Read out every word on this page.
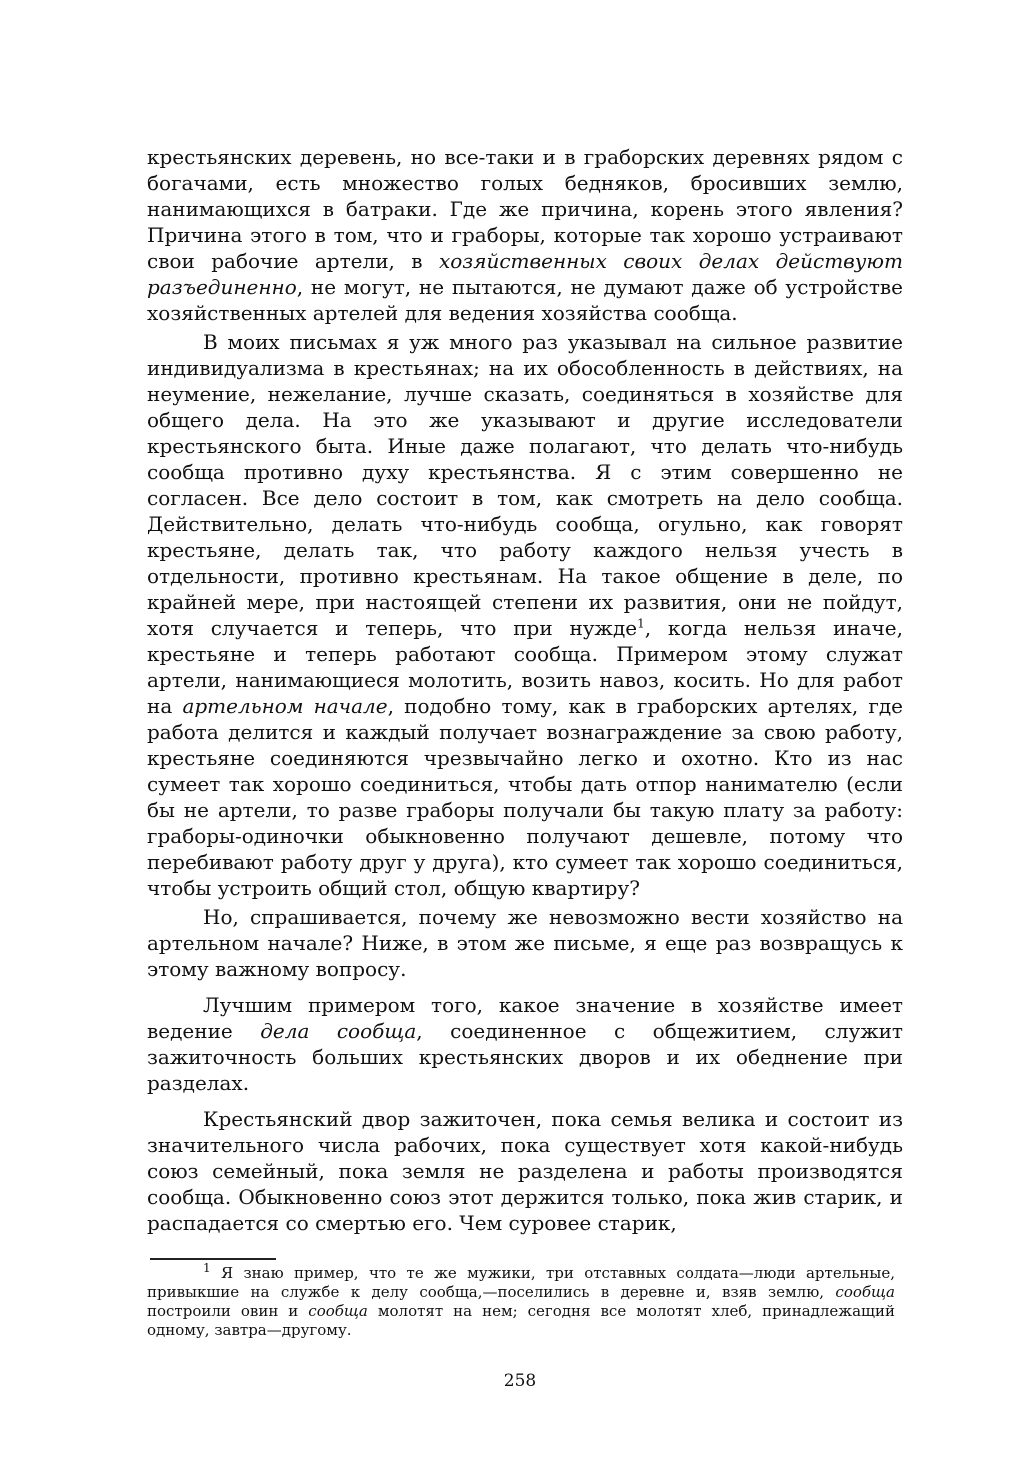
крестьянских деревень, но все-таки и в граборских деревнях рядом с богачами, есть множество голых бедняков, бросивших землю, нанимающихся в батраки. Где же причина, корень этого явления? Причина этого в том, что и граборы, которые так хорошо устраивают свои рабочие артели, в хозяйственных своих делах действуют разъединенно, не могут, не пытаются, не думают даже об устройстве хозяйственных артелей для ведения хозяйства сообща.

В моих письмах я уж много раз указывал на сильное развитие индивидуализма в крестьянах; на их обособленность в действиях, на неумение, нежелание, лучше сказать, соединяться в хозяйстве для общего дела. На это же указывают и другие исследователи крестьянского быта. Иные даже полагают, что делать что-нибудь сообща противно духу крестьянства. Я с этим совершенно не согласен. Все дело состоит в том, как смотреть на дело сообща. Действительно, делать что-нибудь сообща, огульно, как говорят крестьяне, делать так, что работу каждого нельзя учесть в отдельности, противно крестьянам. На такое общение в деле, по крайней мере, при настоящей степени их развития, они не пойдут, хотя случается и теперь, что при нужде$^1$, когда нельзя иначе, крестьяне и теперь работают сообща. Примером этому служат артели, нанимающиеся молотить, возить навоз, косить. Но для работ на артельном начале, подобно тому, как в граборских артелях, где работа делится и каждый получает вознаграждение за свою работу, крестьяне соединяются чрезвычайно легко и охотно. Кто из нас сумеет так хорошо соединиться, чтобы дать отпор нанимателю (если бы не артели, то разве граборы получали бы такую плату за работу: граборы-одиночки обыкновенно получают дешевле, потому что перебивают работу друг у друга), кто сумеет так хорошо соединиться, чтобы устроить общий стол, общую квартиру?

Но, спрашивается, почему же невозможно вести хозяйство на артельном начале? Ниже, в этом же письме, я еще раз возвращусь к этому важному вопросу.

Лучшим примером того, какое значение в хозяйстве имеет ведение дела сообща, соединенное с общежитием, служит зажиточность больших крестьянских дворов и их обеднение при разделах.

Крестьянский двор зажиточен, пока семья велика и состоит из значительного числа рабочих, пока существует хотя какой-нибудь союз семейный, пока земля не разделена и работы производятся сообща. Обыкновенно союз этот держится только, пока жив старик, и распадается со смертью его. Чем суровее старик,

$^1$ Я знаю пример, что те же мужики, три отставных солдата—люди артельные, привыкшие на службе к делу сообща,—поселились в деревне и, взяв землю, сообща построили овин и сообща молотят на нем; сегодня все молотят хлеб, принадлежащий одному, завтра—другому.

258
